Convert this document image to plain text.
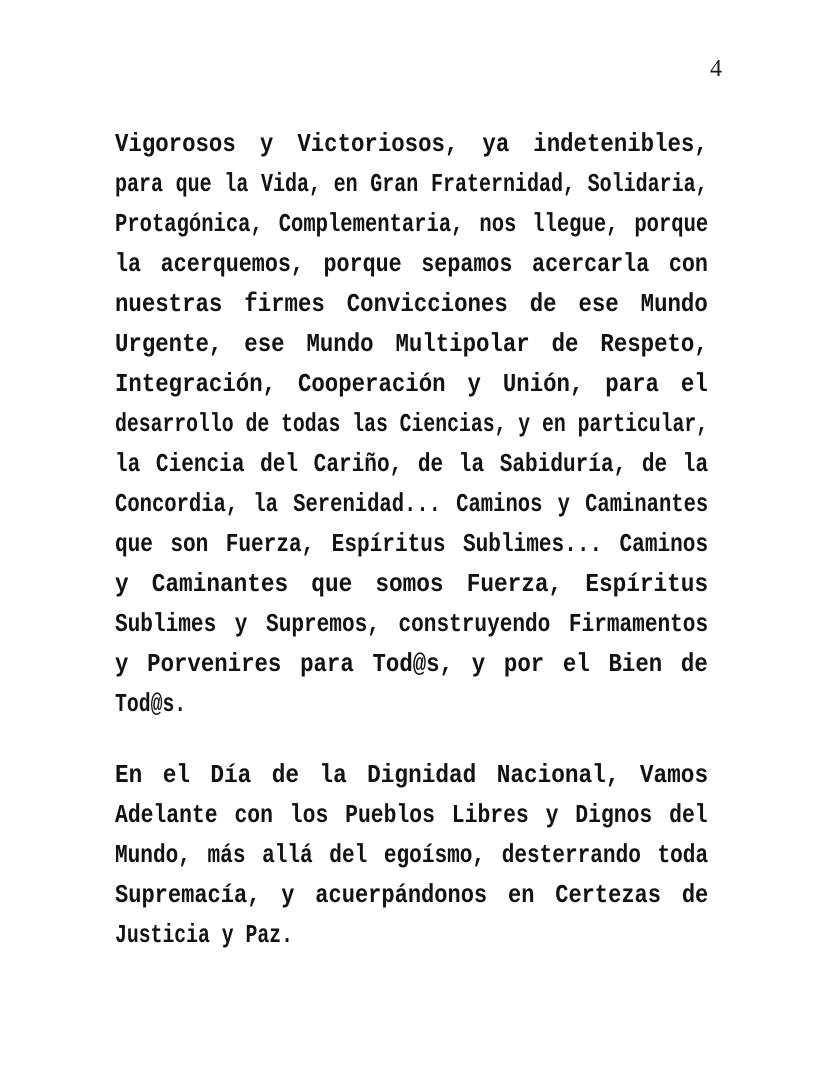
4
Vigorosos y Victoriosos, ya indetenibles,
para que la Vida, en Gran Fraternidad, Solidaria,
Protagónica, Complementaria, nos llegue, porque
la acerquemos, porque sepamos acercarla con
nuestras firmes Convicciones de ese Mundo
Urgente, ese Mundo Multipolar de Respeto,
Integración, Cooperación y Unión, para el
desarrollo de todas las Ciencias, y en particular,
la Ciencia del Cariño, de la Sabiduría, de la
Concordia, la Serenidad... Caminos y Caminantes
que son Fuerza, Espíritus Sublimes... Caminos
y Caminantes que somos Fuerza, Espíritus
Sublimes y Supremos, construyendo Firmamentos
y Porvenires para Tod@s, y por el Bien de
Tod@s.
En el Día de la Dignidad Nacional, Vamos
Adelante con los Pueblos Libres y Dignos del
Mundo, más allá del egoísmo, desterrando toda
Supremacía, y acuerpándonos en Certezas de
Justicia y Paz.
